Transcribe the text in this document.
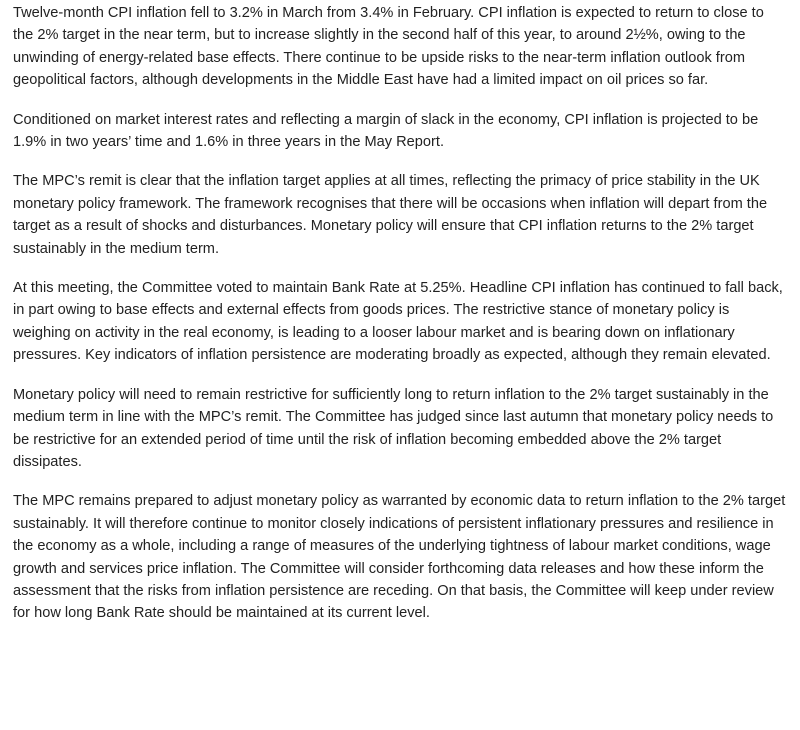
Twelve-month CPI inflation fell to 3.2% in March from 3.4% in February. CPI inflation is expected to return to close to the 2% target in the near term, but to increase slightly in the second half of this year, to around 2½%, owing to the unwinding of energy-related base effects. There continue to be upside risks to the near-term inflation outlook from geopolitical factors, although developments in the Middle East have had a limited impact on oil prices so far.

Conditioned on market interest rates and reflecting a margin of slack in the economy, CPI inflation is projected to be 1.9% in two years’ time and 1.6% in three years in the May Report.

The MPC’s remit is clear that the inflation target applies at all times, reflecting the primacy of price stability in the UK monetary policy framework. The framework recognises that there will be occasions when inflation will depart from the target as a result of shocks and disturbances. Monetary policy will ensure that CPI inflation returns to the 2% target sustainably in the medium term.

At this meeting, the Committee voted to maintain Bank Rate at 5.25%. Headline CPI inflation has continued to fall back, in part owing to base effects and external effects from goods prices. The restrictive stance of monetary policy is weighing on activity in the real economy, is leading to a looser labour market and is bearing down on inflationary pressures. Key indicators of inflation persistence are moderating broadly as expected, although they remain elevated.

Monetary policy will need to remain restrictive for sufficiently long to return inflation to the 2% target sustainably in the medium term in line with the MPC’s remit. The Committee has judged since last autumn that monetary policy needs to be restrictive for an extended period of time until the risk of inflation becoming embedded above the 2% target dissipates.

The MPC remains prepared to adjust monetary policy as warranted by economic data to return inflation to the 2% target sustainably. It will therefore continue to monitor closely indications of persistent inflationary pressures and resilience in the economy as a whole, including a range of measures of the underlying tightness of labour market conditions, wage growth and services price inflation. The Committee will consider forthcoming data releases and how these inform the assessment that the risks from inflation persistence are receding. On that basis, the Committee will keep under review for how long Bank Rate should be maintained at its current level.
